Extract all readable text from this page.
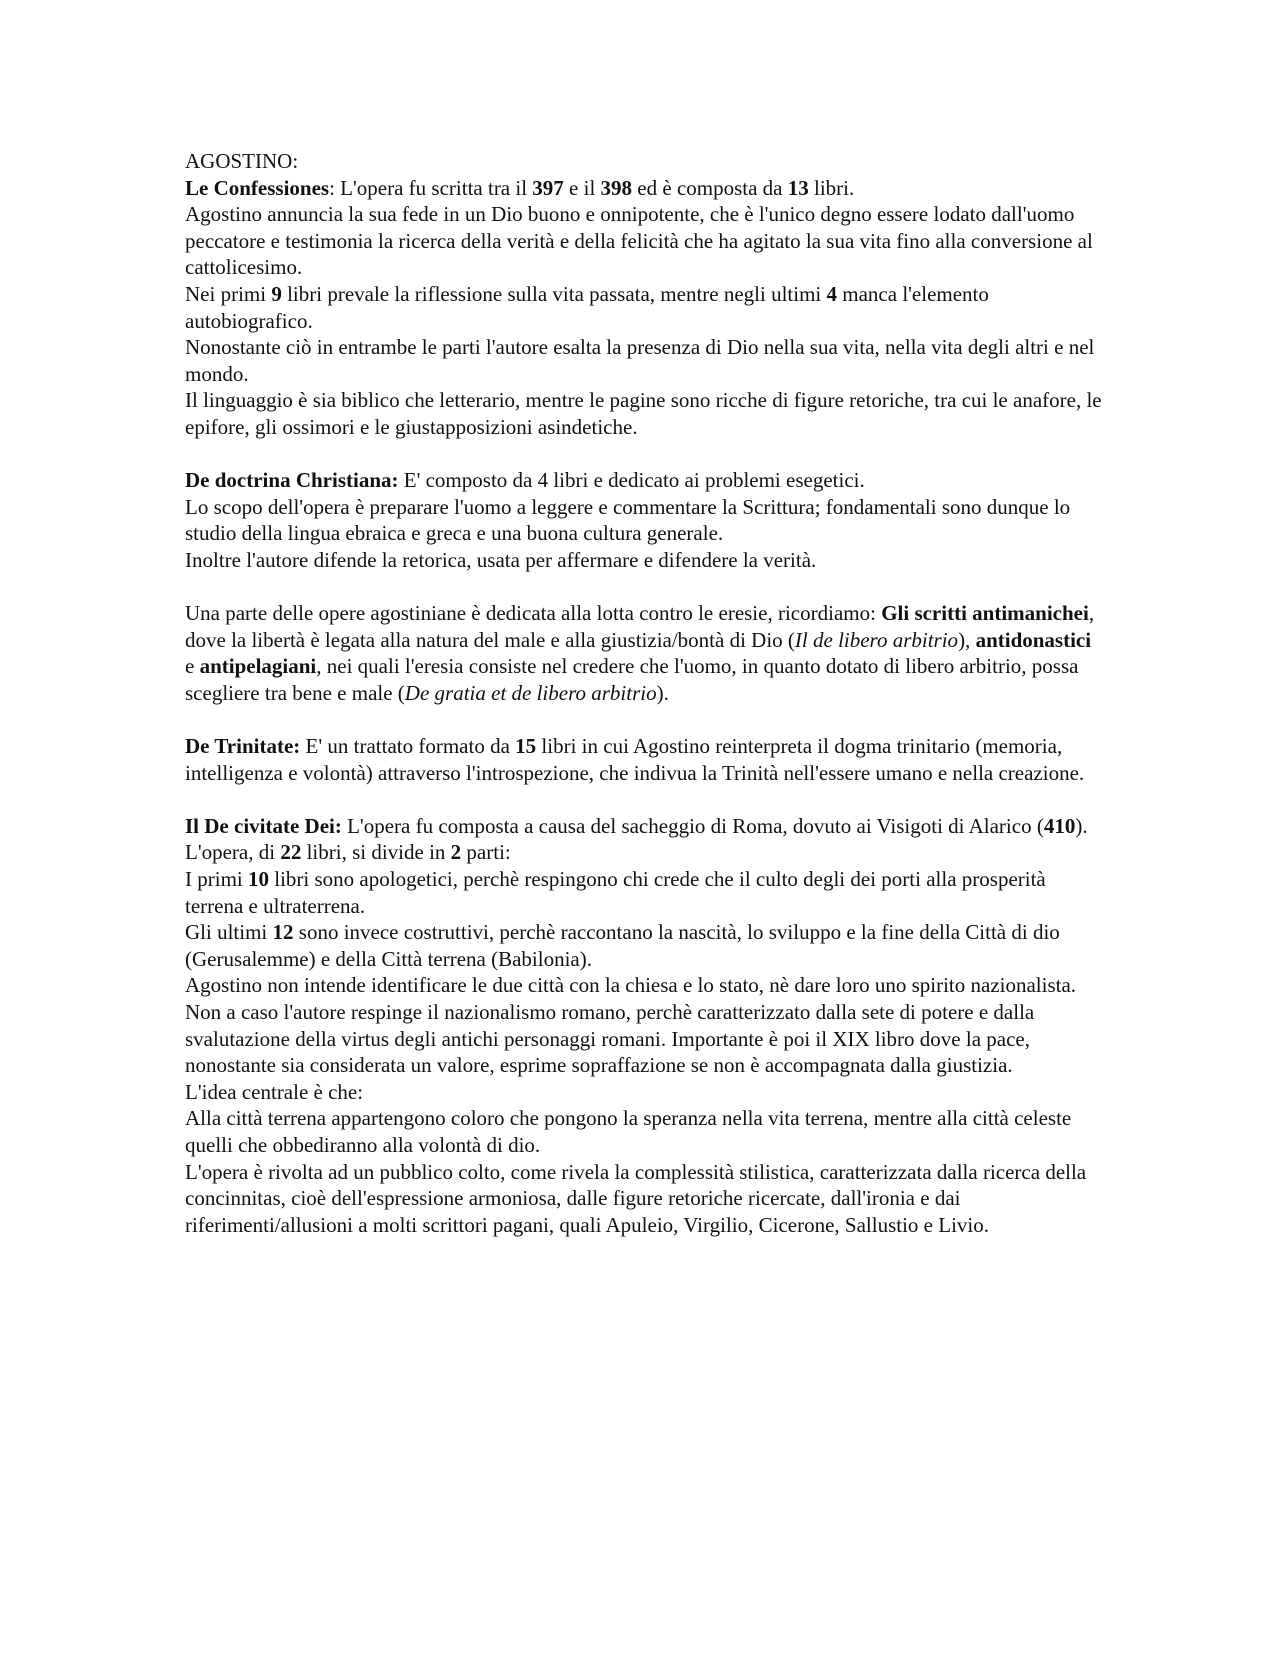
AGOSTINO:

Le Confessiones: L'opera fu scritta tra il 397 e il 398 ed è composta da 13 libri.

Agostino annuncia la sua fede in un Dio buono e onnipotente, che è l'unico degno essere lodato dall'uomo peccatore e testimonia la ricerca della verità e della felicità che ha agitato la sua vita fino alla conversione al cattolicesimo.

Nei primi 9 libri prevale la riflessione sulla vita passata, mentre negli ultimi 4 manca l'elemento autobiografico.

Nonostante ciò in entrambe le parti l'autore esalta la presenza di Dio nella sua vita, nella vita degli altri e nel mondo.

Il linguaggio è sia biblico che letterario, mentre le pagine sono ricche di figure retoriche, tra cui le anafore, le epifore, gli ossimori e le giustapposizioni asindetiche.

De doctrina Christiana: E' composto da 4 libri e dedicato ai problemi esegetici.

Lo scopo dell'opera è preparare l'uomo a leggere e commentare la Scrittura; fondamentali sono dunque lo studio della lingua ebraica e greca e una buona cultura generale.

Inoltre l'autore difende la retorica, usata per affermare e difendere la verità.

Una parte delle opere agostiniane è dedicata alla lotta contro le eresie, ricordiamo: Gli scritti antimanichei, dove la libertà è legata alla natura del male e alla giustizia/bontà di Dio (Il de libero arbitrio), antidonastici e antipelagiani, nei quali l'eresia consiste nel credere che l'uomo, in quanto dotato di libero arbitrio, possa scegliere tra bene e male (De gratia et de libero arbitrio).

De Trinitate: E' un trattato formato da 15 libri in cui Agostino reinterpreta il dogma trinitario (memoria, intelligenza e volontà) attraverso l'introspezione, che indivua la Trinità nell'essere umano e nella creazione.

Il De civitate Dei: L'opera fu composta a causa del sacheggio di Roma, dovuto ai Visigoti di Alarico (410).

L'opera, di 22 libri, si divide in 2 parti:

I primi 10 libri sono apologetici, perchè respingono chi crede che il culto degli dei porti alla prosperità terrena e ultraterrena.

Gli ultimi 12 sono invece costruttivi, perchè raccontano la nascità, lo sviluppo e la fine della Città di dio (Gerusalemme) e della Città terrena (Babilonia).

Agostino non intende identificare le due città con la chiesa e lo stato, nè dare loro uno spirito nazionalista. Non a caso l'autore respinge il nazionalismo romano, perchè caratterizzato dalla sete di potere e dalla svalutazione della virtus degli antichi personaggi romani. Importante è poi il XIX libro dove la pace, nonostante sia considerata un valore, esprime sopraffazione se non è accompagnata dalla giustizia.

L'idea centrale è che:

Alla città terrena appartengono coloro che pongono la speranza nella vita terrena, mentre alla città celeste quelli che obbediranno alla volontà di dio.

L'opera è rivolta ad un pubblico colto, come rivela la complessità stilistica, caratterizzata dalla ricerca della concinnitas, cioè dell'espressione armoniosa, dalle figure retoriche ricercate, dall'ironia e dai riferimenti/allusioni a molti scrittori pagani, quali Apuleio, Virgilio, Cicerone, Sallustio e Livio.
